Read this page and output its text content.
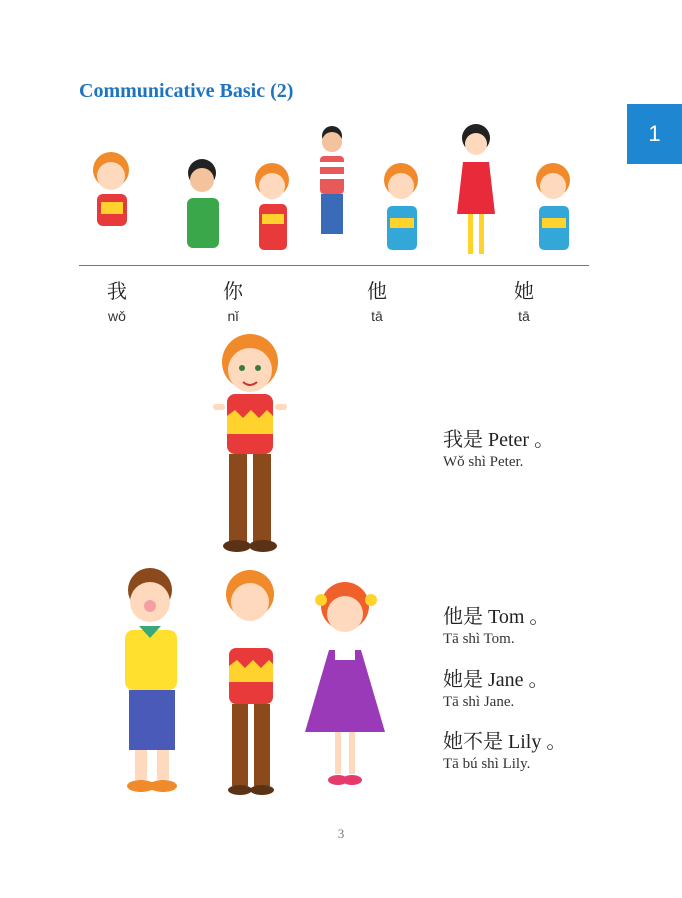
Communicative Basic (2)
1
我
wǒ
你
nǐ
他
tā
她
tā
我是 Peter 。
Wǒ shì Peter.
他是 Tom 。
Tā shì Tom.
她是 Jane 。
Tā shì Jane.
她不是 Lily 。
Tā bú shì Lily.
3
